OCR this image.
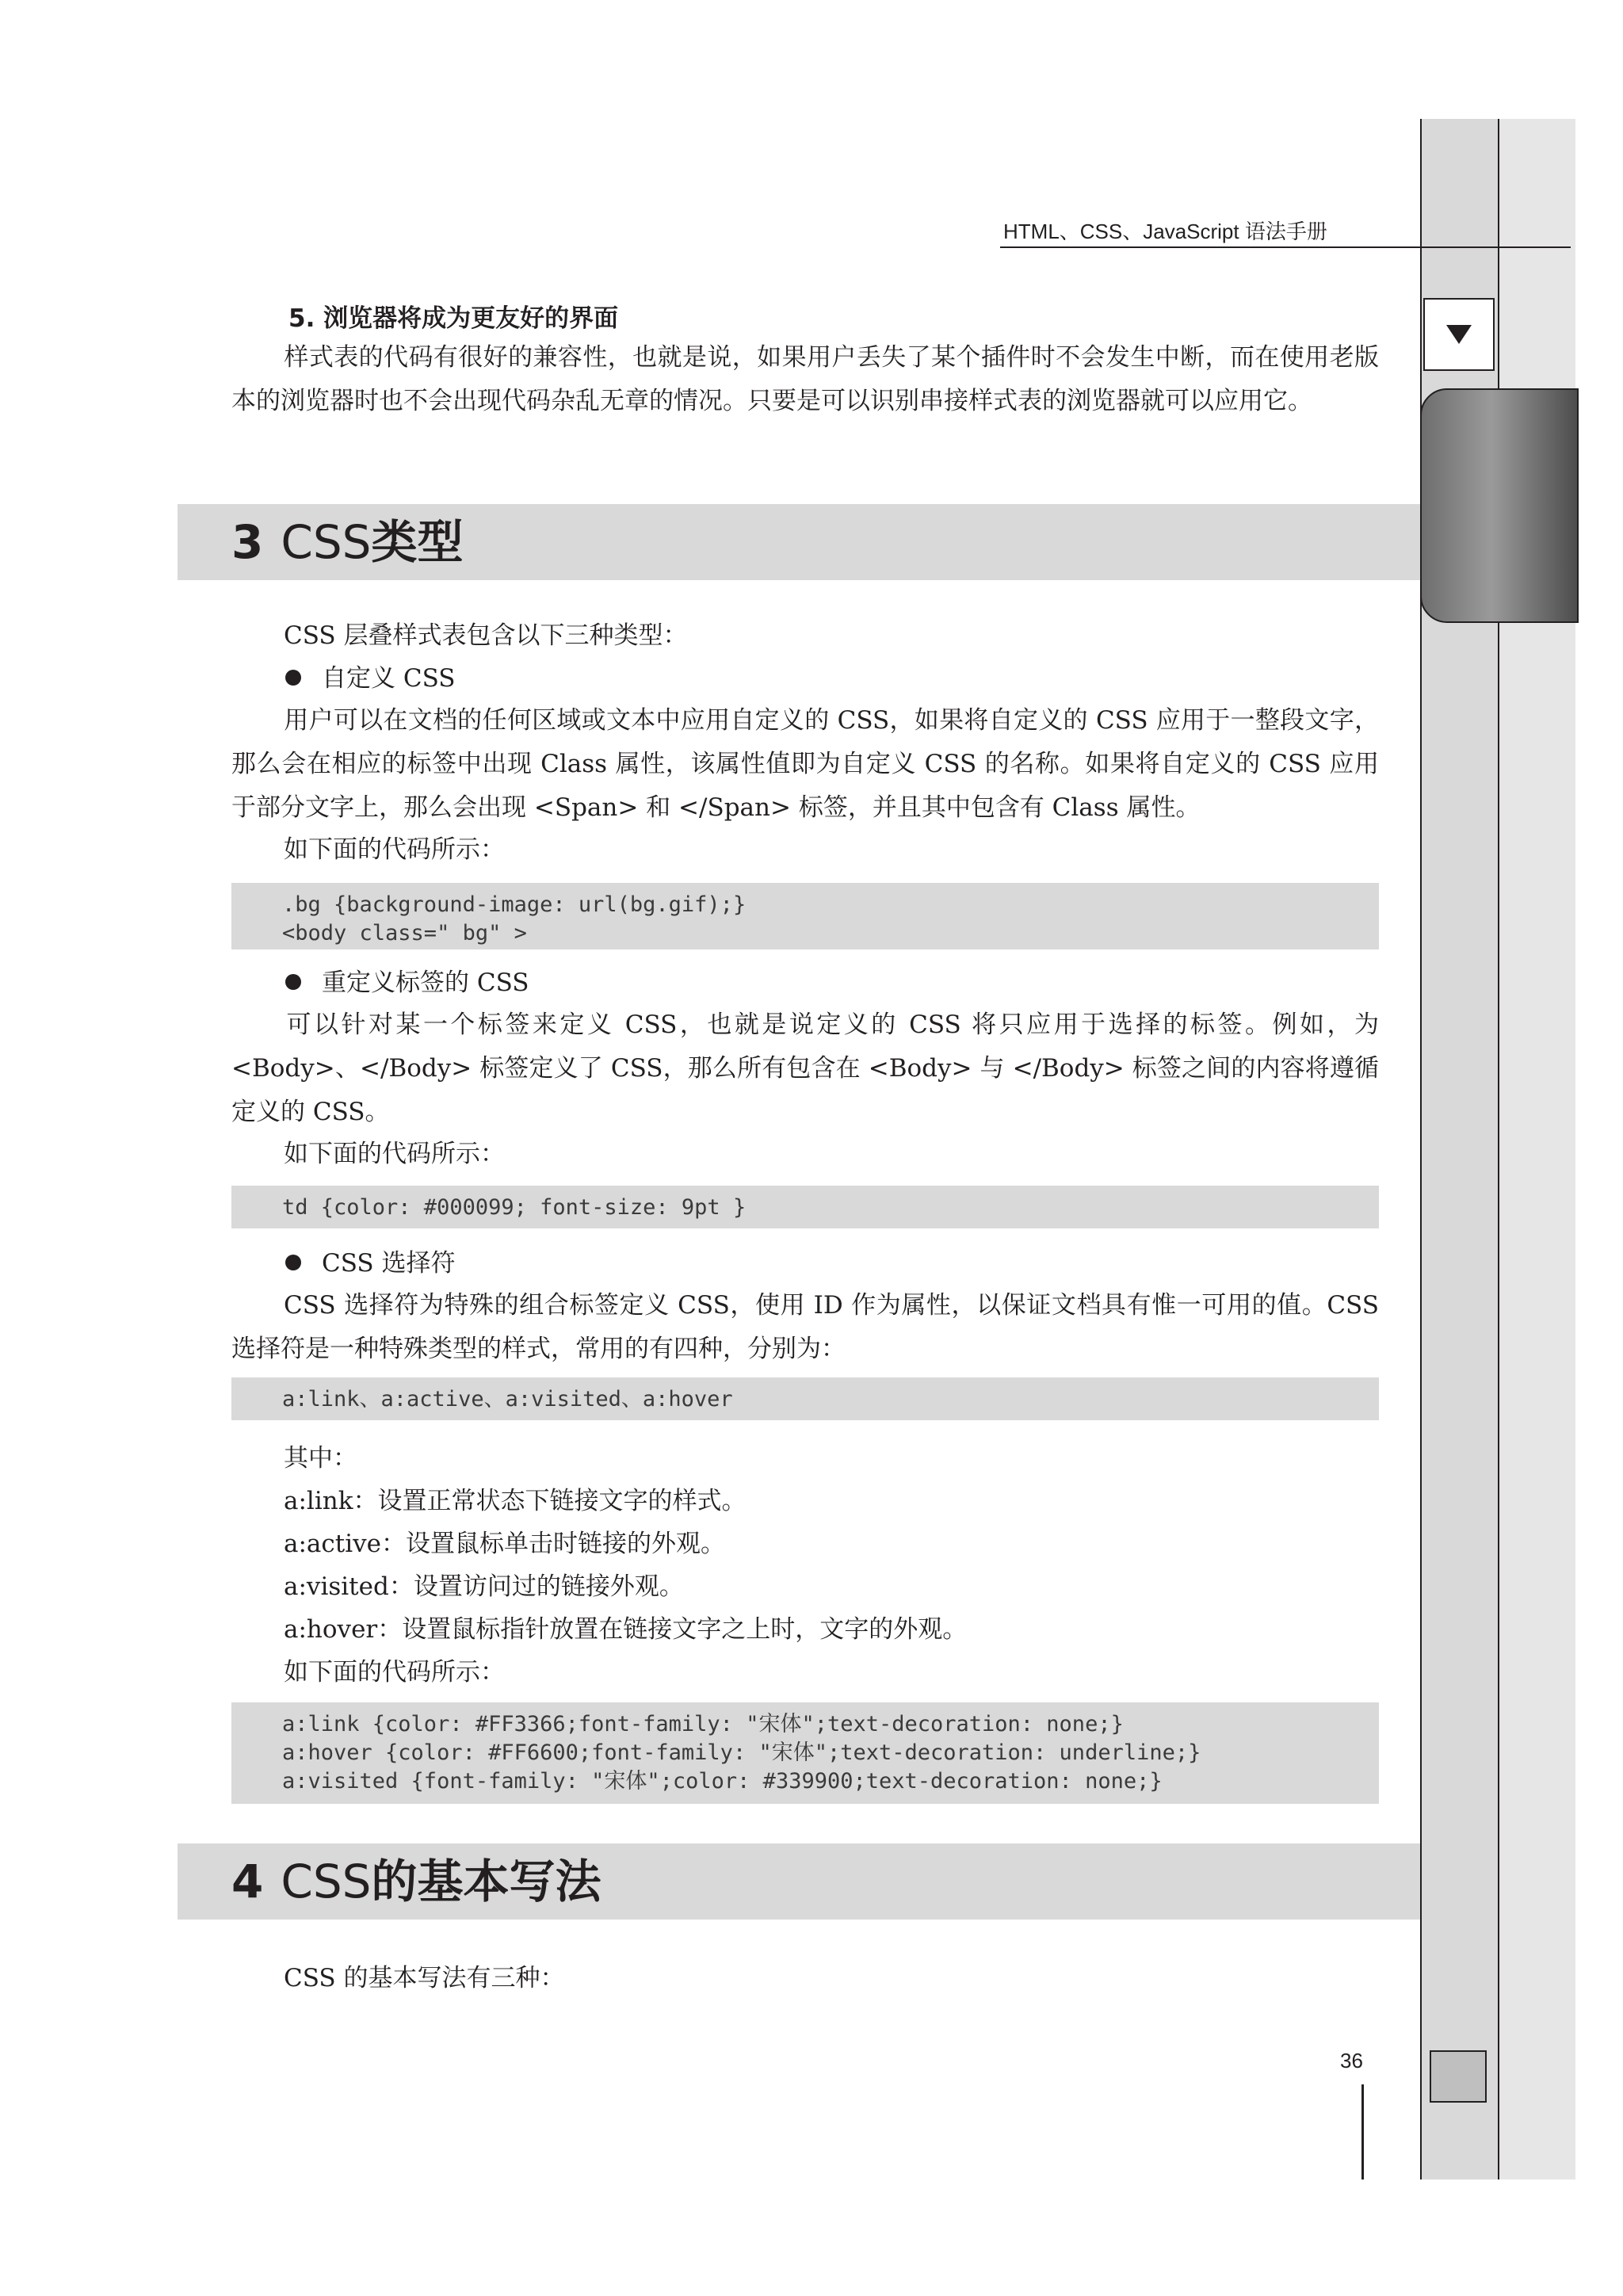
HTML、CSS、JavaScript 语法手册
5. 浏览器将成为更友好的界面
样式表的代码有很好的兼容性，也就是说，如果用户丢失了某个插件时不会发生中断，而在使用老版本的浏览器时也不会出现代码杂乱无章的情况。只要是可以识别串接样式表的浏览器就可以应用它。
3 CSS类型
CSS 层叠样式表包含以下三种类型：
自定义 CSS
用户可以在文档的任何区域或文本中应用自定义的 CSS，如果将自定义的 CSS 应用于一整段文字，那么会在相应的标签中出现 Class 属性，该属性值即为自定义 CSS 的名称。如果将自定义的 CSS 应用于部分文字上，那么会出现 <Span> 和 </Span> 标签，并且其中包含有 Class 属性。
如下面的代码所示：
.bg {background-image: url(bg.gif);}
<body class=" bg" >
重定义标签的 CSS
可以针对某一个标签来定义 CSS，也就是说定义的 CSS 将只应用于选择的标签。例如，为 <Body>、</Body> 标签定义了 CSS，那么所有包含在 <Body> 与 </Body> 标签之间的内容将遵循定义的 CSS。
如下面的代码所示：
td {color: #000099; font-size: 9pt }
CSS 选择符
CSS 选择符为特殊的组合标签定义 CSS，使用 ID 作为属性，以保证文档具有惟一可用的值。CSS 选择符是一种特殊类型的样式，常用的有四种，分别为：
a:link、a:active、a:visited、a:hover
其中：
a:link：设置正常状态下链接文字的样式。
a:active：设置鼠标单击时链接的外观。
a:visited：设置访问过的链接外观。
a:hover：设置鼠标指针放置在链接文字之上时，文字的外观。
如下面的代码所示：
a:link {color: #FF3366;font-family: "宋体";text-decoration: none;}
a:hover {color: #FF6600;font-family: "宋体";text-decoration: underline;}
a:visited {font-family: "宋体";color: #339900;text-decoration: none;}
4 CSS的基本写法
CSS 的基本写法有三种：
36
